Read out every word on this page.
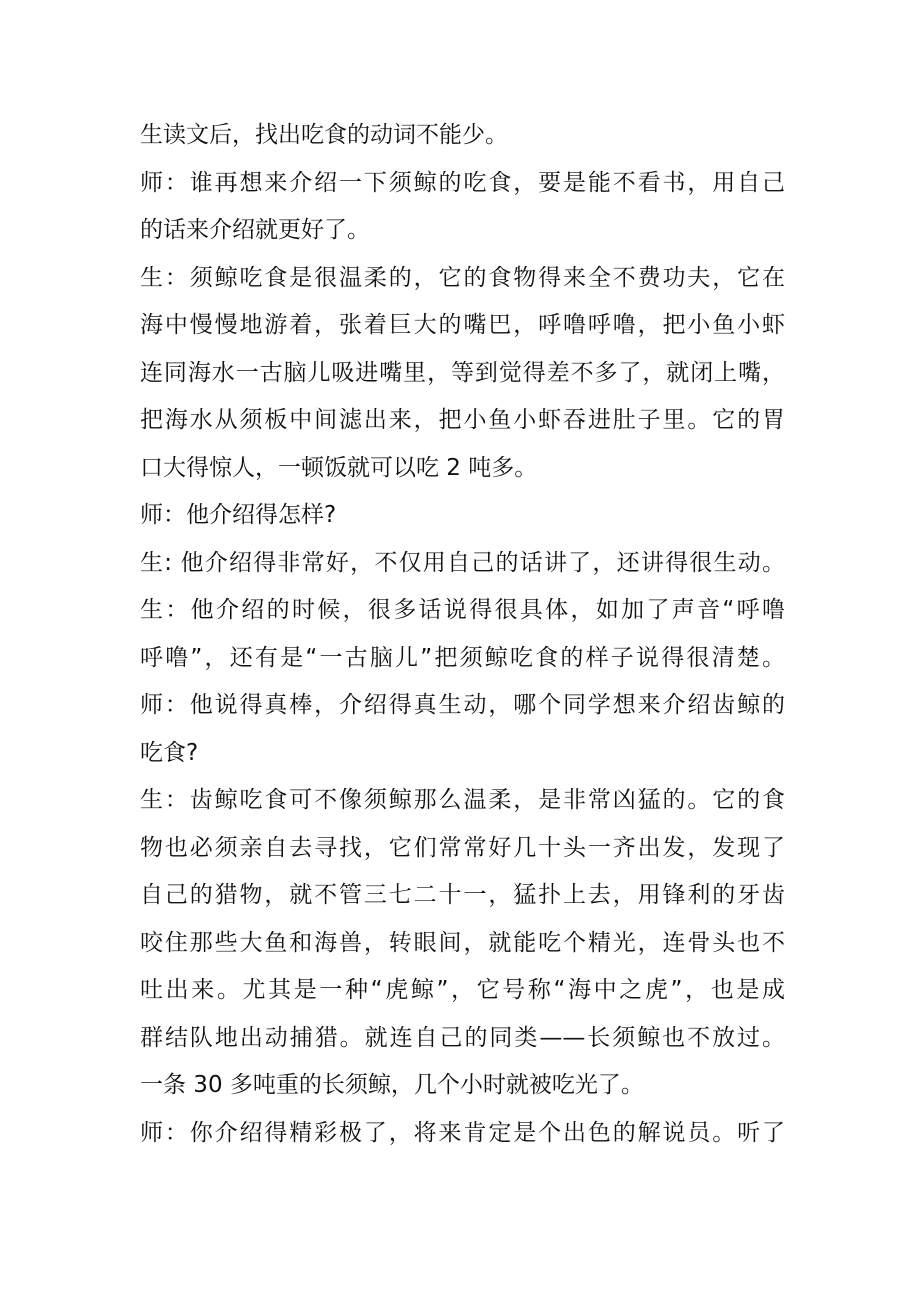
生读文后，找出吃食的动词不能少。
师：谁再想来介绍一下须鲸的吃食，要是能不看书，用自己
的话来介绍就更好了。
生：须鲸吃食是很温柔的，它的食物得来全不费功夫，它在
海中慢慢地游着，张着巨大的嘴巴，呼噜呼噜，把小鱼小虾
连同海水一古脑儿吸进嘴里，等到觉得差不多了，就闭上嘴，
把海水从须板中间滤出来，把小鱼小虾吞进肚子里。它的胃
口大得惊人，一顿饭就可以吃 2 吨多。
师：他介绍得怎样?
生: 他介绍得非常好，不仅用自己的话讲了，还讲得很生动。
生：他介绍的时候，很多话说得很具体，如加了声音“呼噜
呼噜”，还有是“一古脑儿”把须鲸吃食的样子说得很清楚。
师：他说得真棒，介绍得真生动，哪个同学想来介绍齿鲸的
吃食?
生：齿鲸吃食可不像须鲸那么温柔，是非常凶猛的。它的食
物也必须亲自去寻找，它们常常好几十头一齐出发，发现了
自己的猎物，就不管三七二十一，猛扑上去，用锋利的牙齿
咬住那些大鱼和海兽，转眼间，就能吃个精光，连骨头也不
吐出来。尤其是一种“虎鲸”，它号称“海中之虎”，也是成
群结队地出动捕猎。就连自己的同类——长须鲸也不放过。
一条 30 多吨重的长须鲸，几个小时就被吃光了。
师：你介绍得精彩极了，将来肯定是个出色的解说员。听了
